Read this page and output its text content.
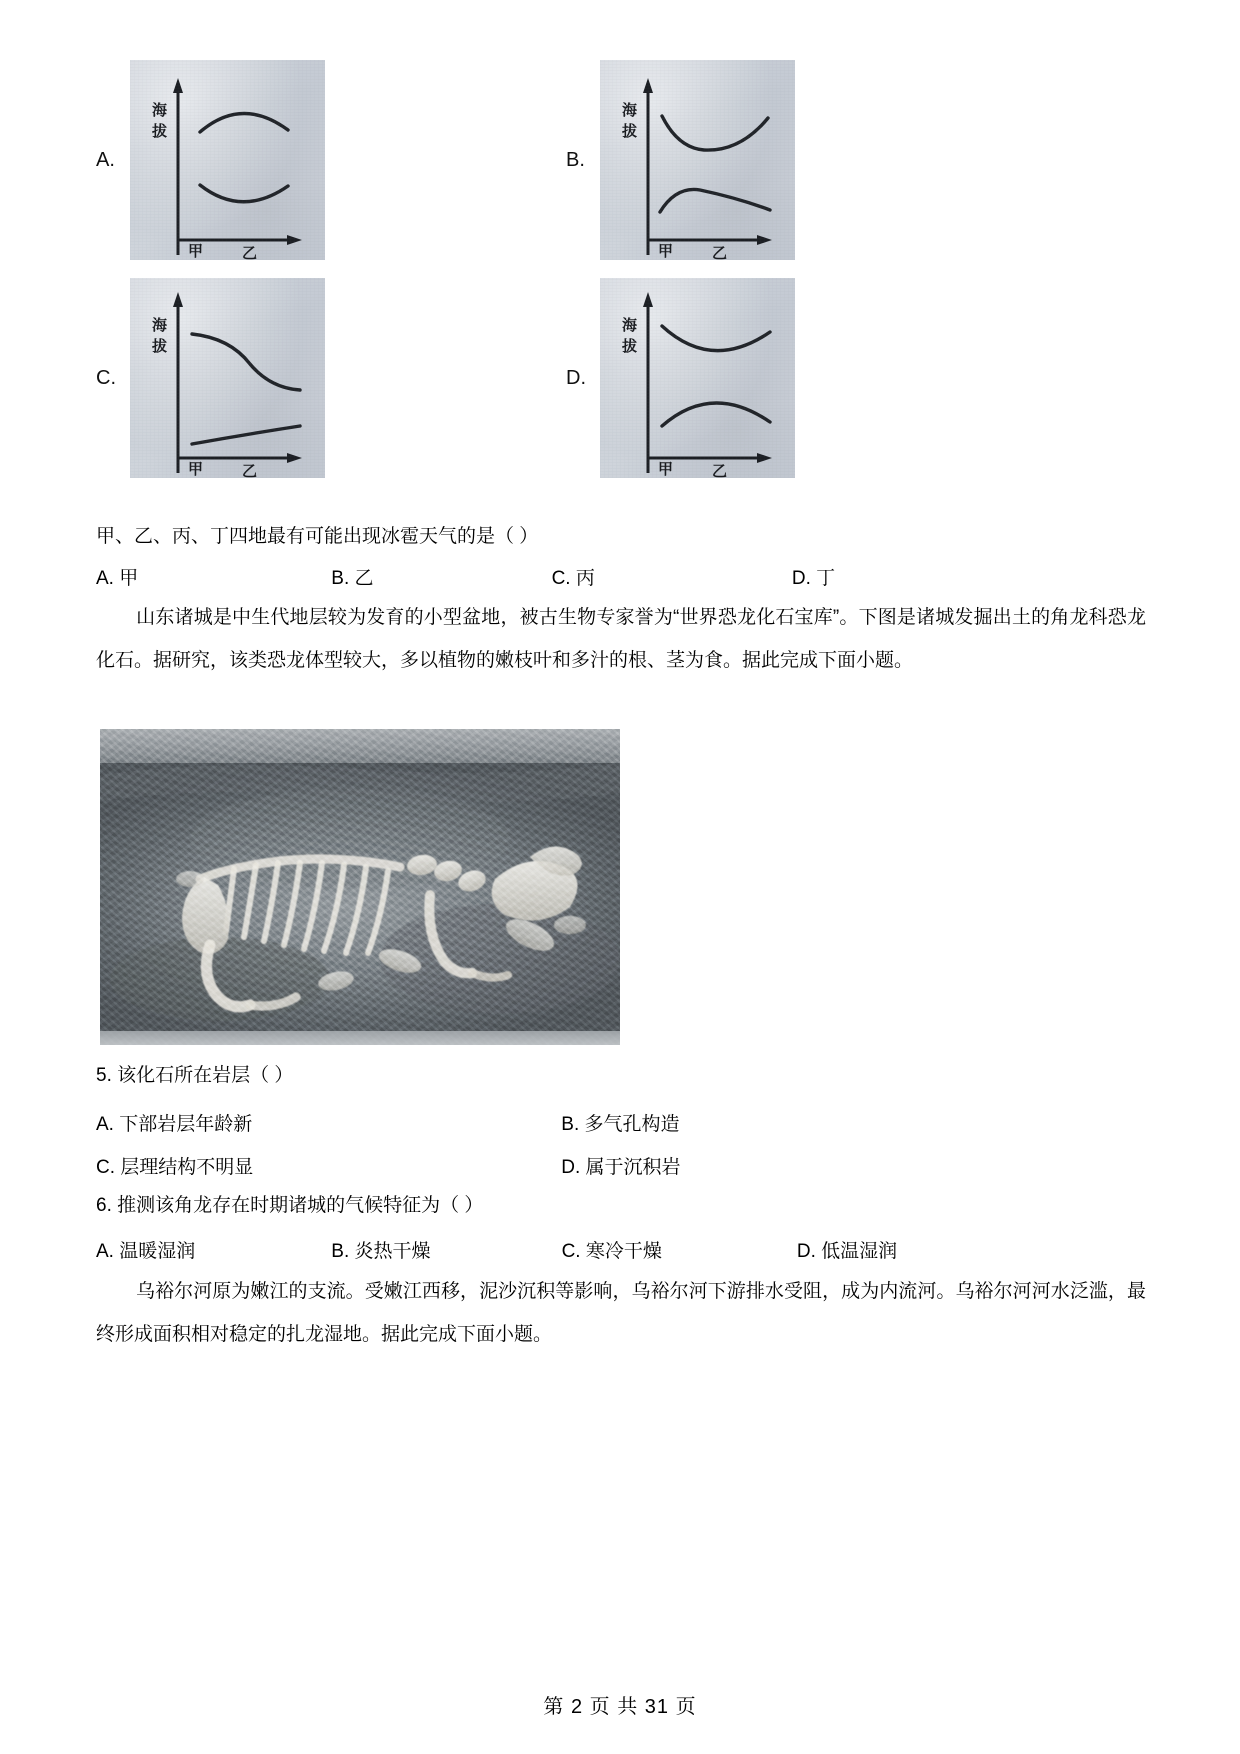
A.
海
拔
甲	乙
B.
海
拔
甲	乙
C.
海
拔
甲	乙
D.
海
拔
甲	乙
甲、乙、丙、丁四地最有可能出现冰雹天气的是（ ）
A. 甲	B. 乙	C. 丙	D. 丁
山东诸城是中生代地层较为发育的小型盆地，被古生物专家誉为“世界恐龙化石宝库”。下图是诸城发掘出土的角龙科恐龙化石。据研究，该类恐龙体型较大，多以植物的嫩枝叶和多汁的根、茎为食。据此完成下面小题。
5. 该化石所在岩层（ ）
A. 下部岩层年龄新	B. 多气孔构造
C. 层理结构不明显	D. 属于沉积岩
6. 推测该角龙存在时期诸城的气候特征为（ ）
A. 温暖湿润	B. 炎热干燥	C. 寒冷干燥	D. 低温湿润
乌裕尔河原为嫩江的支流。受嫩江西移，泥沙沉积等影响，乌裕尔河下游排水受阻，成为内流河。乌裕尔河河水泛滥，最终形成面积相对稳定的扎龙湿地。据此完成下面小题。
第 2 页 共 31 页
